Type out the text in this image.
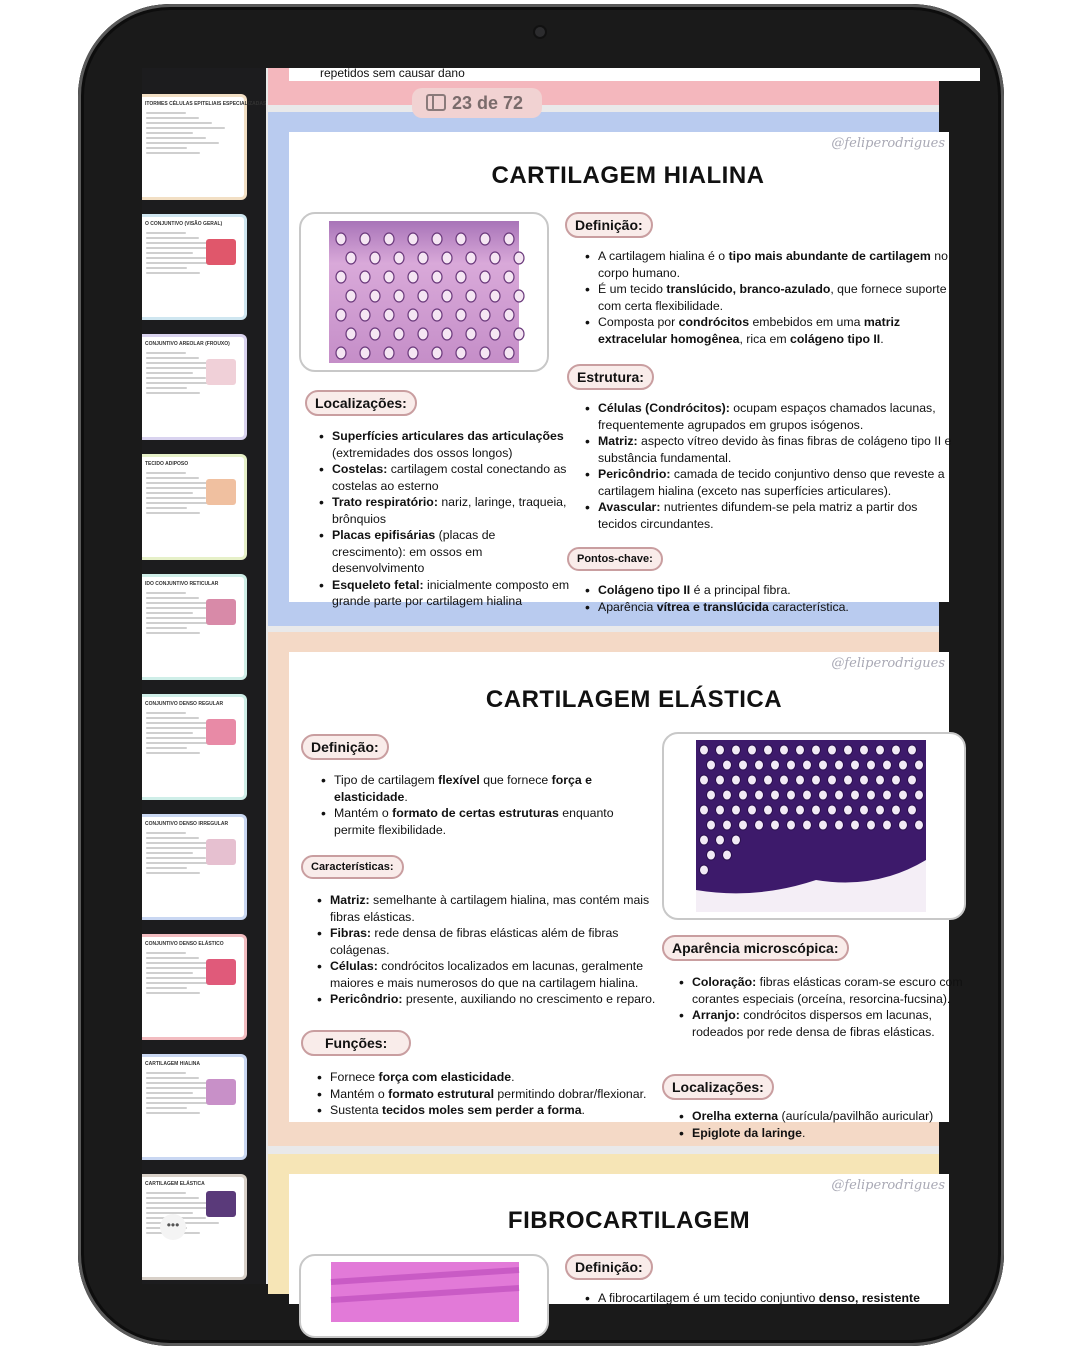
ITORMES CÉLULAS EPITELIAIS ESPECIALIZADAS
O CONJUNTIVO (VISÃO GERAL)
CONJUNTIVO AREOLAR (FROUXO)
TECIDO ADIPOSO
IDO CONJUNTIVO RETICULAR
CONJUNTIVO DENSO REGULAR
CONJUNTIVO DENSO IRREGULAR
CONJUNTIVO DENSO ELÁSTICO
CARTILAGEM HIALINA
CARTILAGEM ELÁSTICA
repetidos sem causar dano
@feliperodrigues
CARTILAGEM HIALINA
Definição:
• A cartilagem hialina é o tipo mais abundante de cartilagem no corpo humano.
• É um tecido translúcido, branco-azulado, que fornece suporte com certa flexibilidade.
• Composta por condrócitos embebidos em uma matriz extracelular homogênea, rica em colágeno tipo II.
Estrutura:
• Células (Condrócitos): ocupam espaços chamados lacunas, frequentemente agrupados em grupos isógenos.
• Matriz: aspecto vítreo devido às finas fibras de colágeno tipo II e substância fundamental.
• Pericôndrio: camada de tecido conjuntivo denso que reveste a cartilagem hialina (exceto nas superfícies articulares).
• Avascular: nutrientes difundem-se pela matriz a partir dos tecidos circundantes.
Localizações:
• Superfícies articulares das articulações (extremidades dos ossos longos)
• Costelas: cartilagem costal conectando as costelas ao esterno
• Trato respiratório: nariz, laringe, traqueia, brônquios
• Placas epifisárias (placas de crescimento): em ossos em desenvolvimento
• Esqueleto fetal: inicialmente composto em grande parte por cartilagem hialina
Pontos-chave:
• Colágeno tipo II é a principal fibra.
• Aparência vítrea e translúcida característica.
@feliperodrigues
CARTILAGEM ELÁSTICA
Definição:
• Tipo de cartilagem flexível que fornece força e elasticidade.
• Mantém o formato de certas estruturas enquanto permite flexibilidade.
Características:
• Matriz: semelhante à cartilagem hialina, mas contém mais fibras elásticas.
• Fibras: rede densa de fibras elásticas além de fibras colágenas.
• Células: condrócitos localizados em lacunas, geralmente maiores e mais numerosos do que na cartilagem hialina.
• Pericôndrio: presente, auxiliando no crescimento e reparo.
Funções:
• Fornece força com elasticidade.
• Mantém o formato estrutural permitindo dobrar/flexionar.
• Sustenta tecidos moles sem perder a forma.
Aparência microscópica:
• Coloração: fibras elásticas coram-se escuro com corantes especiais (orceína, resorcina-fucsina).
• Arranjo: condrócitos dispersos em lacunas, rodeados por rede densa de fibras elásticas.
Localizações:
• Orelha externa (aurícula/pavilhão auricular)
• Epiglote da laringe.
@feliperodrigues
FIBROCARTILAGEM
Definição:
• A fibrocartilagem é um tecido conjuntivo denso, resistente
23 de 72
•••
